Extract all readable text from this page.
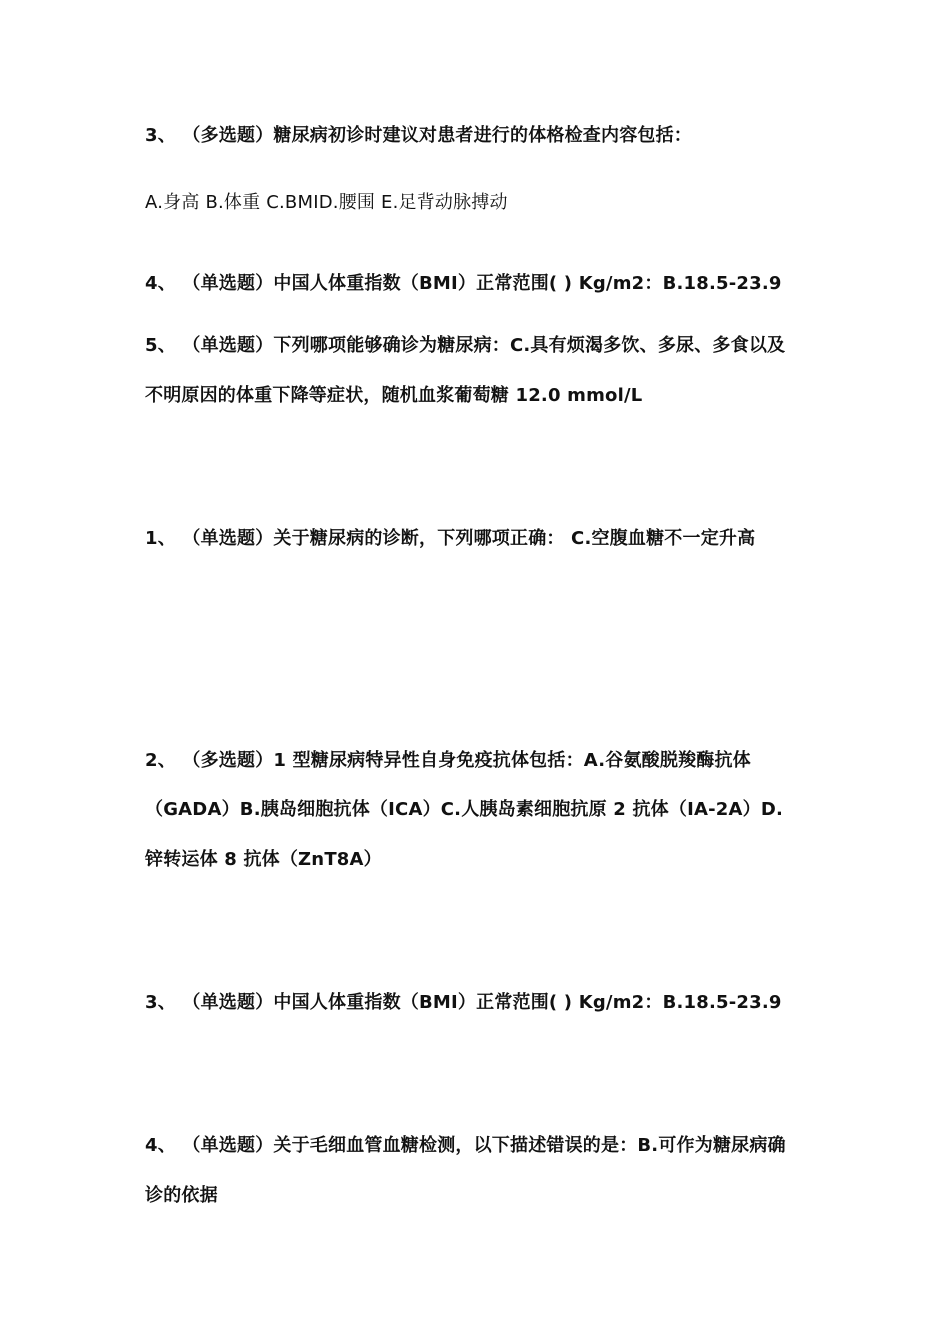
3、 （多选题）糖尿病初诊时建议对患者进行的体格检查内容包括：
A.身高 B.体重 C.BMID.腰围 E.足背动脉搏动
4、 （单选题）中国人体重指数（BMI）正常范围( ) Kg/m2：B.18.5-23.9
5、 （单选题）下列哪项能够确诊为糖尿病：C.具有烦渴多饮、多尿、多食以及
不明原因的体重下降等症状，随机血浆葡萄糖 12.0 mmol/L
1、 （单选题）关于糖尿病的诊断，下列哪项正确： C.空腹血糖不一定升高
2、 （多选题）1 型糖尿病特异性自身免疫抗体包括：A.谷氨酸脱羧酶抗体
（GADA）B.胰岛细胞抗体（ICA）C.人胰岛素细胞抗原 2 抗体（IA-2A）D.
锌转运体 8 抗体（ZnT8A）
3、 （单选题）中国人体重指数（BMI）正常范围( ) Kg/m2：B.18.5-23.9
4、 （单选题）关于毛细血管血糖检测，以下描述错误的是：B.可作为糖尿病确
诊的依据
